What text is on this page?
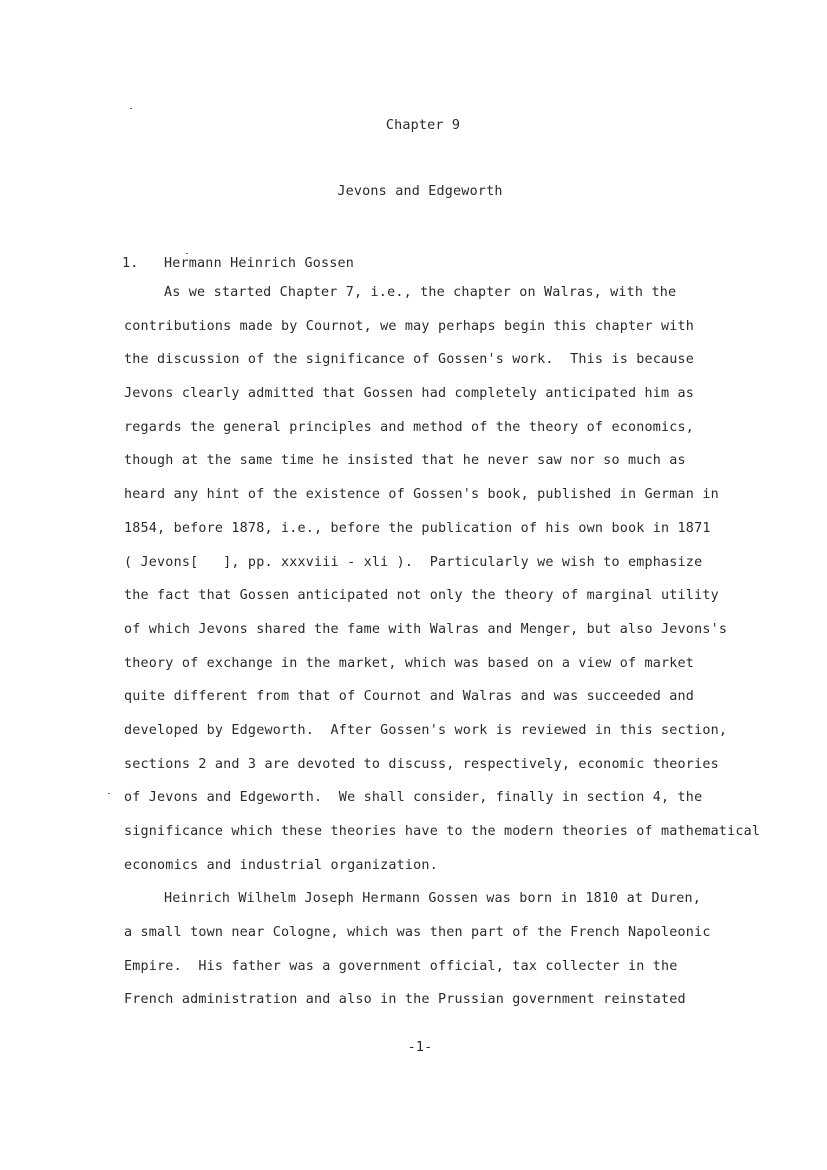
Chapter 9
Jevons and Edgeworth
1. Hermann Heinrich Gossen
As we started Chapter 7, i.e., the chapter on Walras, with the
contributions made by Cournot, we may perhaps begin this chapter with
the discussion of the significance of Gossen's work.  This is because
Jevons clearly admitted that Gossen had completely anticipated him as
regards the general principles and method of the theory of economics,
though at the same time he insisted that he never saw nor so much as
heard any hint of the existence of Gossen's book, published in German in
1854, before 1878, i.e., before the publication of his own book in 1871
( Jevons[   ], pp. xxxviii - xli ).  Particularly we wish to emphasize
the fact that Gossen anticipated not only the theory of marginal utility
of which Jevons shared the fame with Walras and Menger, but also Jevons's
theory of exchange in the market, which was based on a view of market
quite different from that of Cournot and Walras and was succeeded and
developed by Edgeworth.  After Gossen's work is reviewed in this section,
sections 2 and 3 are devoted to discuss, respectively, economic theories
of Jevons and Edgeworth.  We shall consider, finally in section 4, the
significance which these theories have to the modern theories of mathematical
economics and industrial organization.
Heinrich Wilhelm Joseph Hermann Gossen was born in 1810 at Duren,
a small town near Cologne, which was then part of the French Napoleonic
Empire.  His father was a government official, tax collecter in the
French administration and also in the Prussian government reinstated
-1-
